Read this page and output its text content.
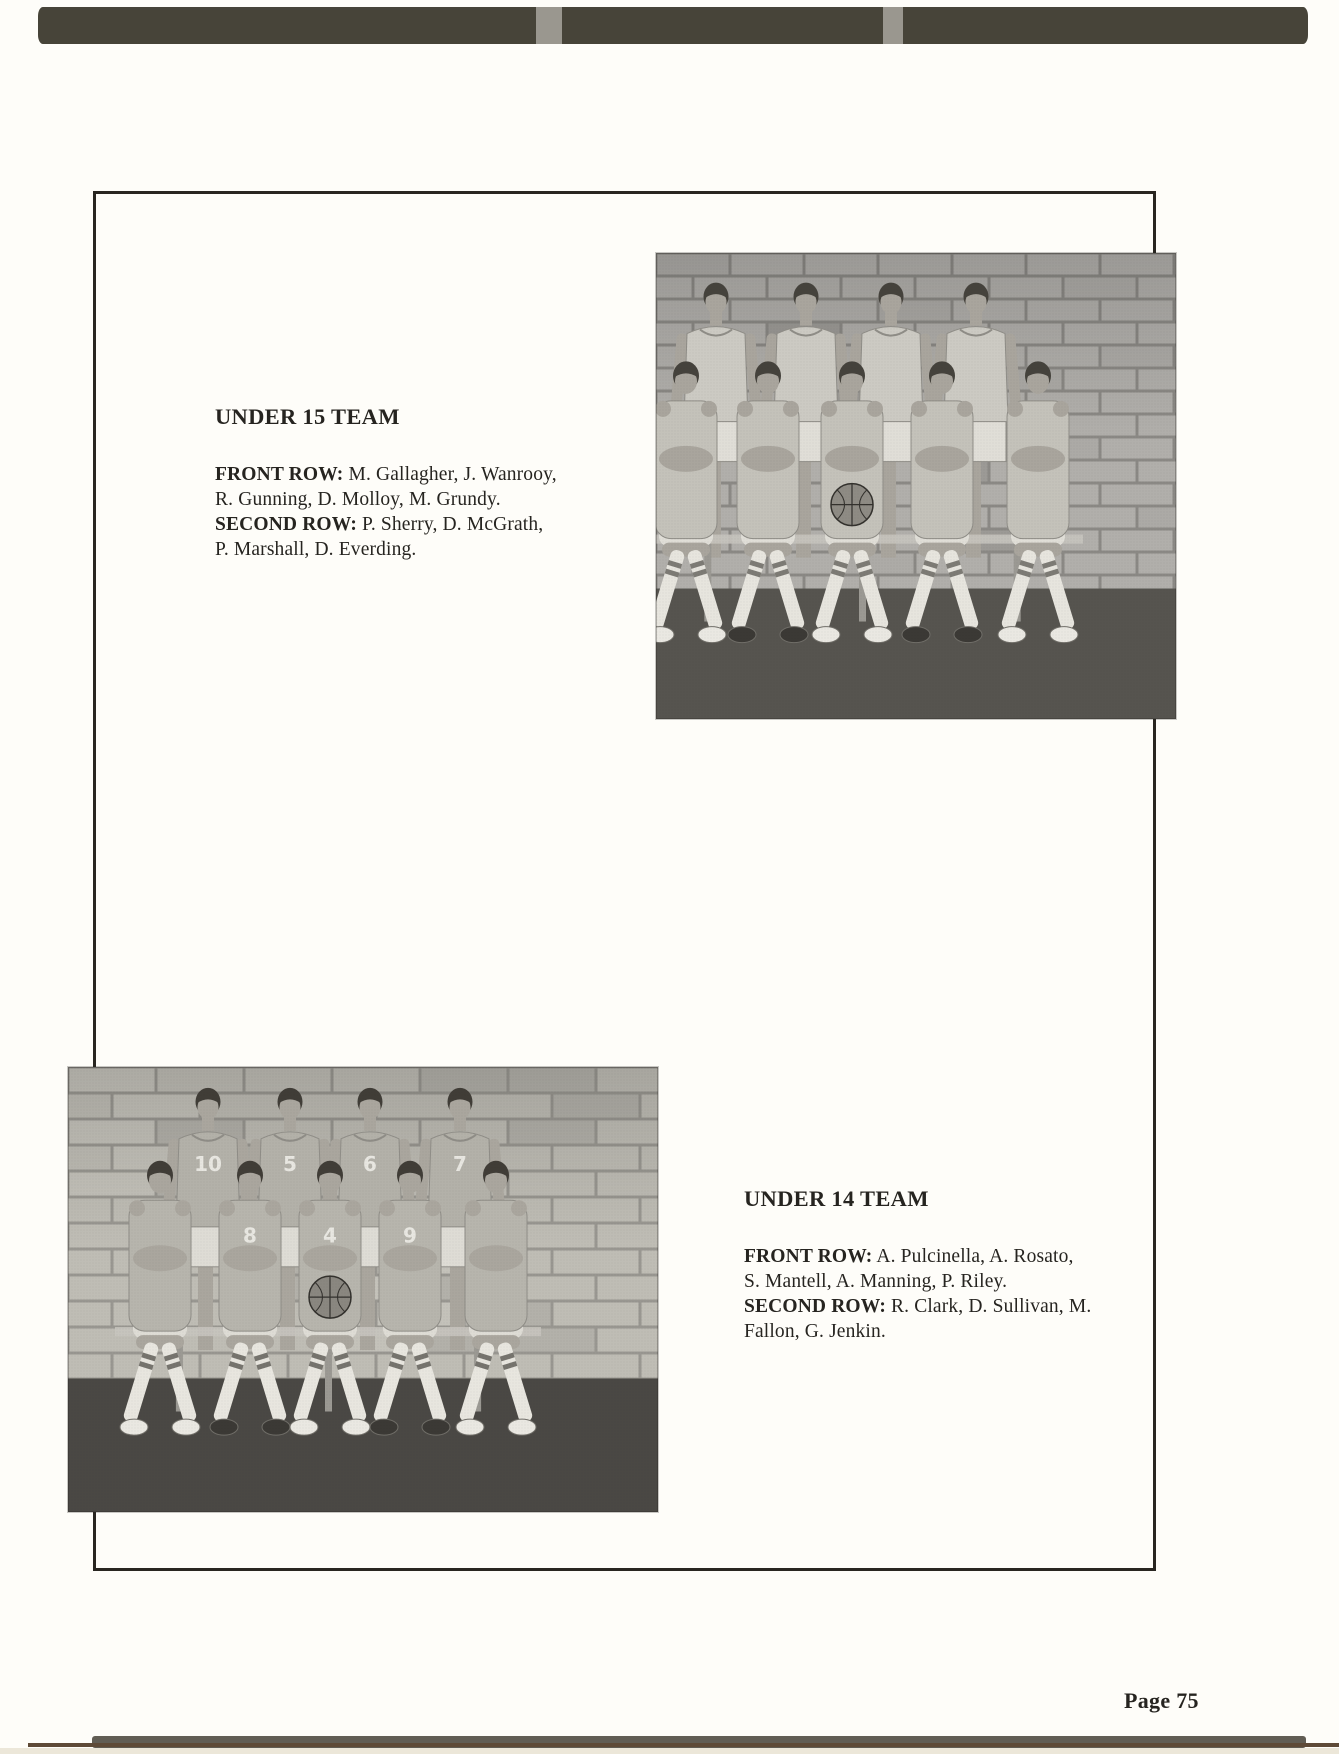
UNDER 15 TEAM
FRONT ROW: M. Gallagher, J. Wanrooy,
R. Gunning, D. Molloy, M. Grundy.
SECOND ROW: P. Sherry, D. McGrath,
P. Marshall, D. Everding.
UNDER 14 TEAM
FRONT ROW: A. Pulcinella, A. Rosato,
S. Mantell, A. Manning, P. Riley.
SECOND ROW: R. Clark, D. Sullivan, M.
Fallon, G. Jenkin.
Page 75
